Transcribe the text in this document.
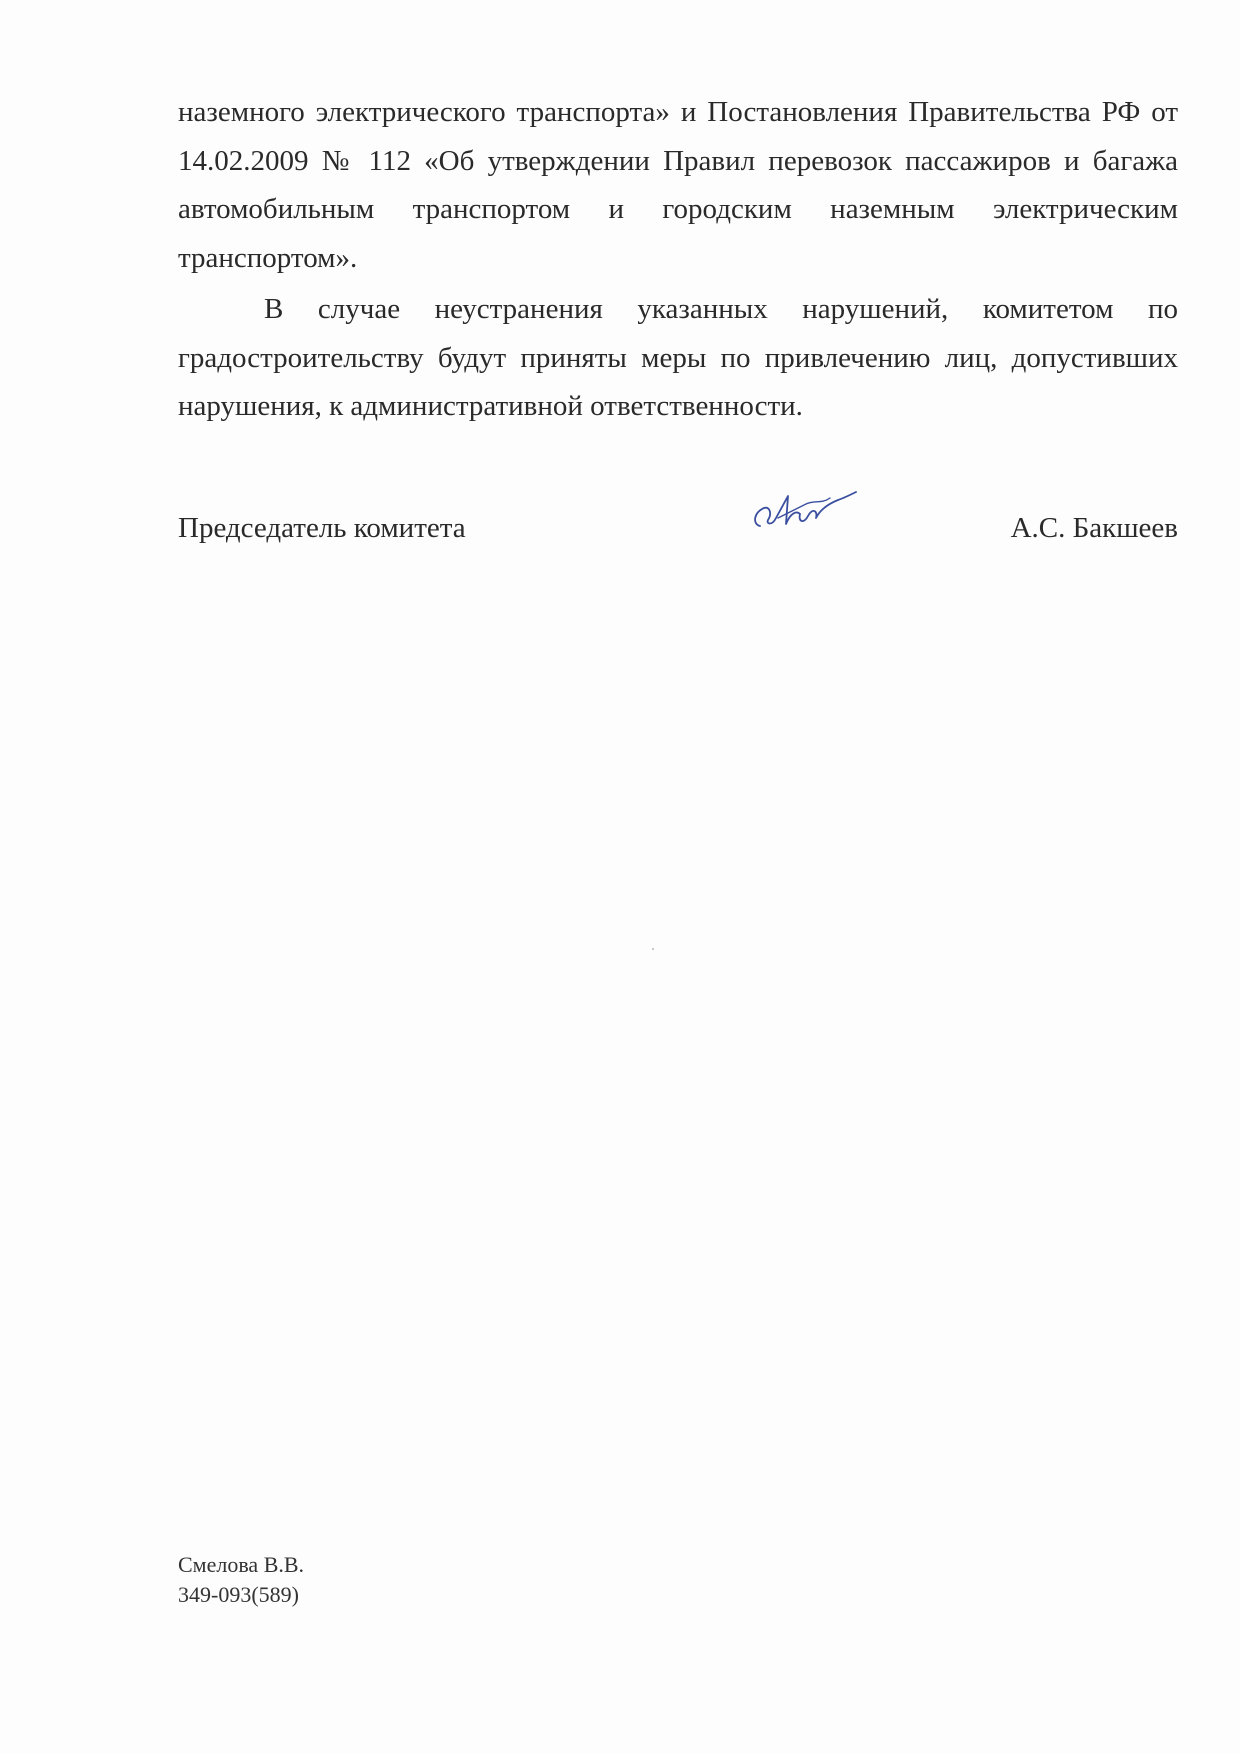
наземного электрического транспорта» и Постановления Правительства РФ от 14.02.2009 № 112 «Об утверждении Правил перевозок пассажиров и багажа автомобильным транспортом и городским наземным электрическим транспортом».

В случае неустранения указанных нарушений, комитетом по градостроительству будут приняты меры по привлечению лиц, допустивших нарушения, к административной ответственности.

Председатель комитета	А.С. Бакшеев
Смелова В.В.
349-093(589)
